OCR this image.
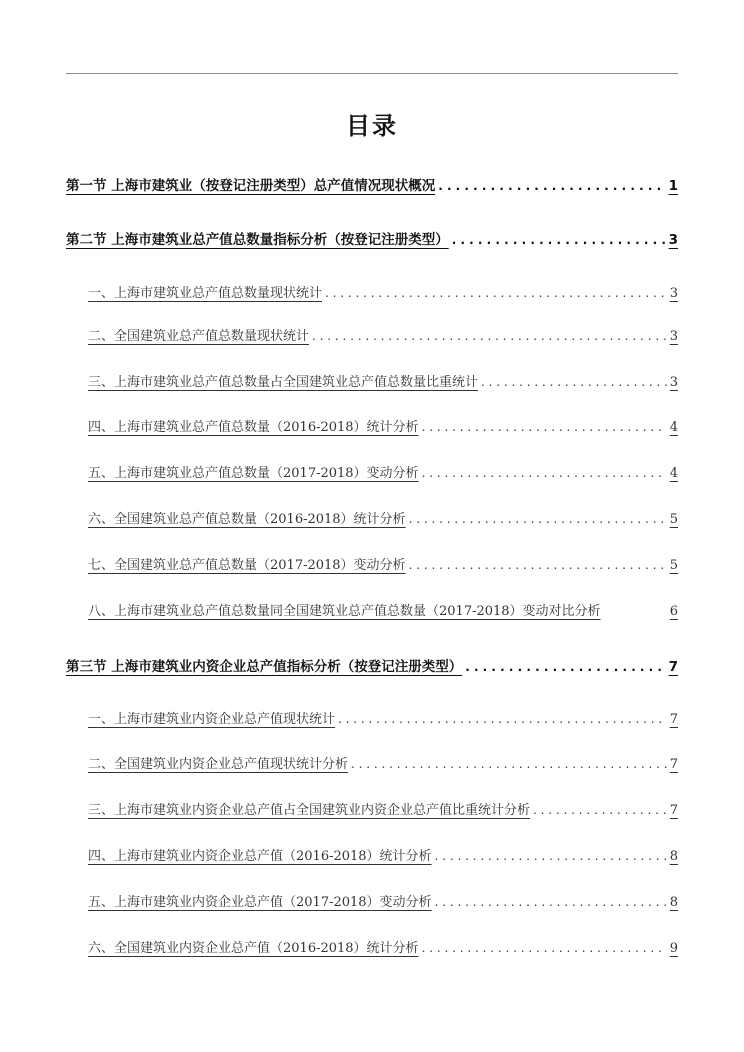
目录
第一节 上海市建筑业（按登记注册类型）总产值情况现状概况 . . .	1
第二节 上海市建筑业总产值总数量指标分析（按登记注册类型） . . .	3
一、上海市建筑业总产值总数量现状统计 . . .	3
二、全国建筑业总产值总数量现状统计 . . .	3
三、上海市建筑业总产值总数量占全国建筑业总产值总数量比重统计 . . .	3
四、上海市建筑业总产值总数量（2016-2018）统计分析 . . .	4
五、上海市建筑业总产值总数量（2017-2018）变动分析 . . .	4
六、全国建筑业总产值总数量（2016-2018）统计分析 . . .	5
七、全国建筑业总产值总数量（2017-2018）变动分析 . . .	5
八、上海市建筑业总产值总数量同全国建筑业总产值总数量（2017-2018）变动对比分析	6
第三节 上海市建筑业内资企业总产值指标分析（按登记注册类型） . . .	7
一、上海市建筑业内资企业总产值现状统计 . . .	7
二、全国建筑业内资企业总产值现状统计分析 . . .	7
三、上海市建筑业内资企业总产值占全国建筑业内资企业总产值比重统计分析 . . .	7
四、上海市建筑业内资企业总产值（2016-2018）统计分析 . . .	8
五、上海市建筑业内资企业总产值（2017-2018）变动分析 . . .	8
六、全国建筑业内资企业总产值（2016-2018）统计分析 . . .	9
